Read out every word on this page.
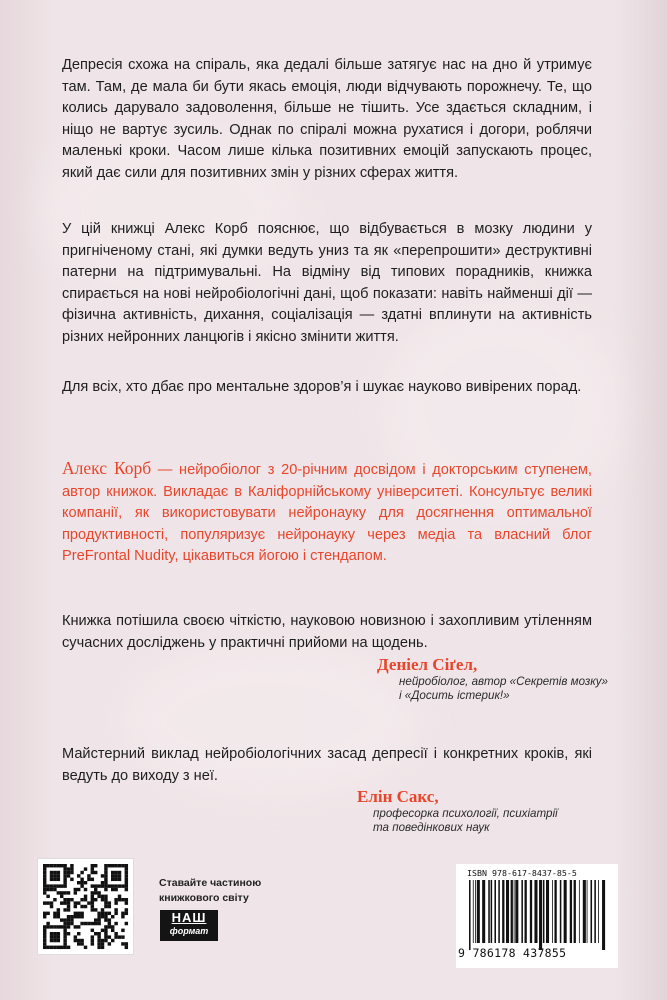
Депресія схожа на спіраль, яка дедалі більше затягує нас на дно й утримує там. Там, де мала би бути якась емоція, люди відчувають порожнечу. Те, що колись дарувало задоволення, більше не тішить. Усе здається складним, і ніщо не вартує зусиль. Однак по спіралі можна рухатися і догори, роблячи маленькі кроки. Часом лише кілька позитивних емоцій запускають процес, який дає сили для позитивних змін у різних сферах життя.

У цій книжці Алекс Корб пояснює, що відбувається в мозку людини у пригніченому стані, які думки ведуть униз та як «перепрошити» деструктивні патерни на підтримувальні. На відміну від типових порадників, книжка спирається на нові нейробіологічні дані, щоб показати: навіть найменші дії — фізична активність, дихання, соціалізація — здатні вплинути на активність різних нейронних ланцюгів і якісно змінити життя.

Для всіх, хто дбає про ментальне здоров’я і шукає науково вивірених порад.

Алекс Корб — нейробіолог з 20-річним досвідом і докторським ступенем, автор книжок. Викладає в Каліфорнійському університеті. Консультує великі компанії, як використовувати нейронауку для досягнення оптимальної продуктивності, популяризує нейронауку через медіа та власний блог PreFrontal Nudity, цікавиться йогою і стендапом.

Книжка потішила своєю чіткістю, науковою новизною і захопливим утіленням сучасних досліджень у практичні прийоми на щодень.

Деніел Сіґел,
нейробіолог, автор «Секретів мозку»
і «Досить істерик!»

Майстерний виклад нейробіологічних засад депресії і конкретних кроків, які ведуть до виходу з неї.

Елін Сакс,
професорка психології, психіатрії
та поведінкових наук
Ставайте частиною
книжкового світу
НАШ
формат
ISBN 978-617-8437-85-5
9 786178 437855
